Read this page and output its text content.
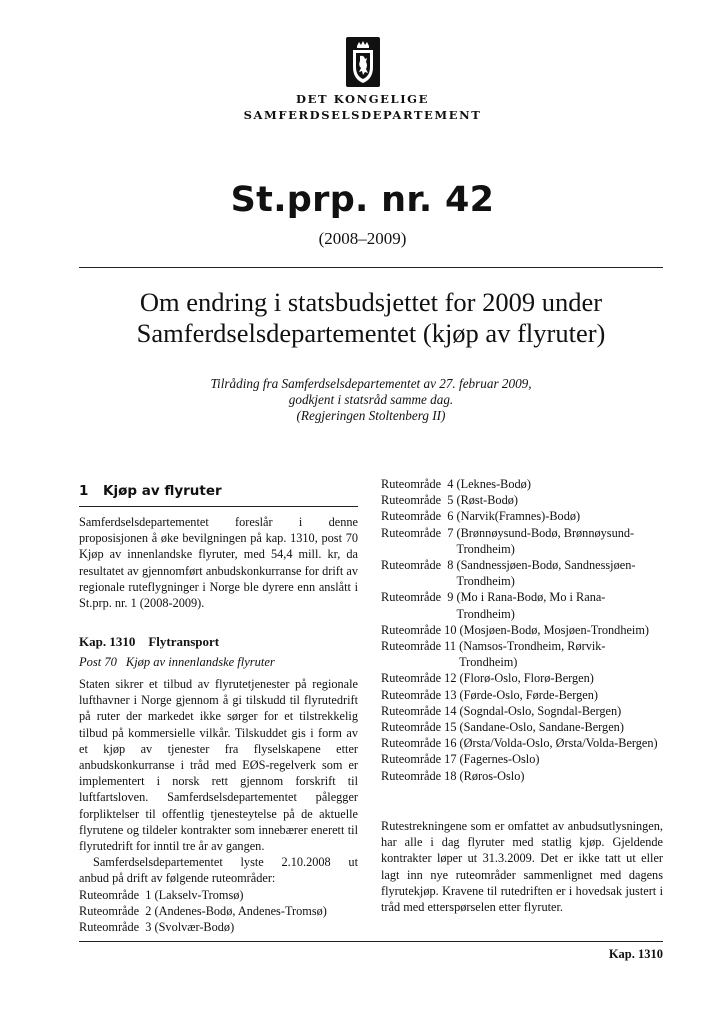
DET KONGELIGE
SAMFERDSELSDEPARTEMENT
St.prp. nr. 42
(2008–2009)
Om endring i statsbudsjettet for 2009 under
Samferdselsdepartementet (kjøp av flyruter)
Tilråding fra Samferdselsdepartementet av 27. februar 2009,
godkjent i statsråd samme dag.
(Regjeringen Stoltenberg II)
1 Kjøp av flyruter
Samferdselsdepartementet foreslår i denne proposisjonen å øke bevilgningen på kap. 1310, post 70 Kjøp av innenlandske flyruter, med 54,4 mill. kr, da resultatet av gjennomført anbudskonkurranse for drift av regionale ruteflygninger i Norge ble dyrere enn anslått i St.prp. nr. 1 (2008-2009).
Kap. 1310 Flytransport
Post 70 Kjøp av innenlandske flyruter
Staten sikrer et tilbud av flyrutetjenester på regionale lufthavner i Norge gjennom å gi tilskudd til flyrutedrift på ruter der markedet ikke sørger for et tilstrekkelig tilbud på kommersielle vilkår. Tilskuddet gis i form av et kjøp av tjenester fra flyselskapene etter anbudskonkurranse i tråd med EØS-regelverk som er implementert i norsk rett gjennom forskrift til luftfartsloven. Samferdselsdepartementet pålegger forpliktelser til offentlig tjenesteytelse på de aktuelle flyrutene og tildeler kontrakter som innebærer enerett til flyrutedrift for inntil tre år av gangen.
Samferdselsdepartementet lyste 2.10.2008 ut
anbud på drift av følgende ruteområder:
Ruteområde  1
(Lakselv-Tromsø)
Ruteområde  2
(Andenes-Bodø, Andenes-Tromsø)
Ruteområde  3
(Svolvær-Bodø)
Ruteområde  4
(Leknes-Bodø)
Ruteområde  5
(Røst-Bodø)
Ruteområde  6
(Narvik(Framnes)-Bodø)
Ruteområde  7
(Brønnøysund-Bodø, Brønnøysund-Trondheim)
Ruteområde  8
(Sandnessjøen-Bodø, Sandnessjøen-Trondheim)
Ruteområde  9
(Mo i Rana-Bodø, Mo i Rana-Trondheim)
Ruteområde 10
(Mosjøen-Bodø, Mosjøen-Trondheim)
Ruteområde 11
(Namsos-Trondheim, Rørvik-Trondheim)
Ruteområde 12
(Florø-Oslo, Florø-Bergen)
Ruteområde 13
(Førde-Oslo, Førde-Bergen)
Ruteområde 14
(Sogndal-Oslo, Sogndal-Bergen)
Ruteområde 15
(Sandane-Oslo, Sandane-Bergen)
Ruteområde 16
(Ørsta/Volda-Oslo, Ørsta/Volda-Bergen)
Ruteområde 17
(Fagernes-Oslo)
Ruteområde 18
(Røros-Oslo)
Rutestrekningene som er omfattet av anbudsutlysningen, har alle i dag flyruter med statlig kjøp. Gjeldende kontrakter løper ut 31.3.2009. Det er ikke tatt ut eller lagt inn nye ruteområder sammenlignet med dagens flyrutekjøp. Kravene til rutedriften er i hovedsak justert i tråd med etterspørselen etter flyruter.
Kap. 1310
